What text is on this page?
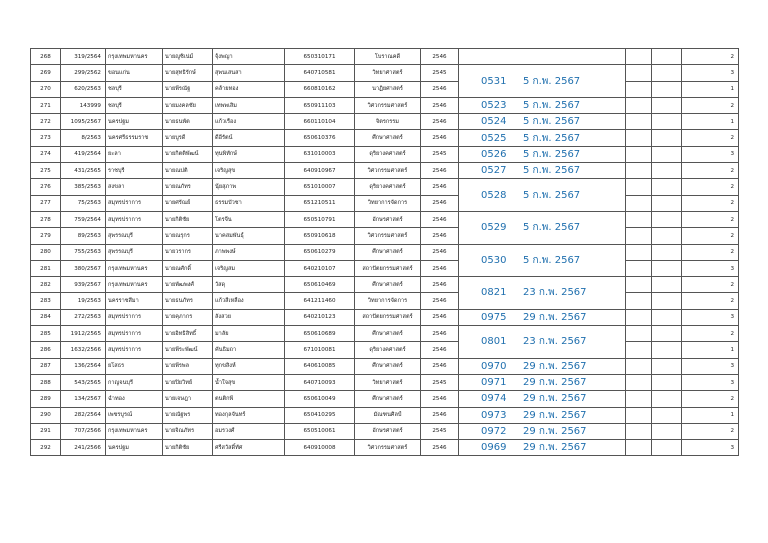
268	319/2564	กรุงเทพมหานคร	นายญูซิเน่ม์	จุ้งพญา	650310171	โบราณคดี	2546				2
269	299/2562	ขอนแก่น	นายสุทธิรักษ์	สุพนเสนสา	640710581	วิทยาศาสตร์	2545	0531 5 ก.พ. 2567			3
270	620/2563	ชลบุรี	นายพีรณัฐ	คล้ายทอง	660810162	นาฏิยศาสตร์	2546				1
271	143999	ชลบุรี	นายมงคลชัย	เทพพเสิม	650911103	วิศวกรรมศาสตร์	2546	0523 5 ก.พ. 2567			2
272	1095/2567	นครปฐม	นายธนพัต	แก้วเรือง	660110104	จิตรกรรม	2546	0524 5 ก.พ. 2567			1
273	8/2563	นครศรีธรรมราช	นายบูรดี	ดีอีรัตน์	650610376	ศึกษาศาสตร์	2546	0525 5 ก.พ. 2567			2
274	419/2564	ยะลา	นายกิตติพัฒน์	ทุนพิทักษ์	631010003	ดุริยางคศาสตร์	2545	0526 5 ก.พ. 2567			3
275	431/2565	ราชบุรี	นายณปติ	เจริญสุข	640910967	วิศวกรรมศาสตร์	2546	0527 5 ก.พ. 2567			2
276	385/2563	สงขลา	นายณภัทร	นุ้ยสุภาพ	651010007	ดุริยางคศาสตร์	2546	0528 5 ก.พ. 2567			2
277	75/2563	สมุทรปราการ	นายศรัณย์	ธรรมบัวชา	651210511	วิทยาการจัดการ	2546				2
278	759/2564	สมุทรปราการ	นายกิติชัย	โตรจีน	650510791	อักษรศาสตร์	2546	0529 5 ก.พ. 2567			2
279	89/2563	สุพรรณบุรี	นายณรุกร	นาคสมพันธุ์	650910618	วิศวกรรมศาสตร์	2546				2
280	755/2563	สุพรรณบุรี	นายวรากร	ภาพพงษ์	650610279	ศึกษาศาสตร์	2546	0530 5 ก.พ. 2567			2
281	380/2567	กรุงเทพมหานคร	นายณศักดิ์	เจริญสม	640210107	สถาปัตยกรรมศาสตร์	2546				3
282	939/2567	กรุงเทพมหานคร	นายพัฒพงศ์	วัสดุ	650610469	ศึกษาศาสตร์	2546	0821 23 ก.พ. 2567			2
283	19/2563	นครราชสีมา	นายธนภัทร	แก้วสีเหลือง	641211460	วิทยาการจัดการ	2546				2
284	272/2563	สมุทรปราการ	นายคุภากร	ลังสวย	640210123	สถาปัตยกรรมศาสตร์	2546	0975 29 ก.พ. 2567			3
285	1912/2565	สมุทรปราการ	นายอิทธิสิทธิ์	มาลัย	650610689	ศึกษาศาสตร์	2546	0801 23 ก.พ. 2567			2
286	1632/2566	สมุทรปราการ	นายพีระพัฒน์	คันธิมถา	671010081	ดุริยางคศาสตร์	2546				1
287	136/2564	ยโสธร	นายพีรพล	ทุกขสิงห์	640610085	ศึกษาศาสตร์	2546	0970 29 ก.พ. 2567			3
288	543/2565	กาญจนบุรี	นายปิยวิทย์	น้ำใจสุข	640710093	วิทยาศาสตร์	2545	0971 29 ก.พ. 2567			3
289	134/2567	ฉำทอง	นายเจษฎา	ตนติกพี	650610049	ศึกษาศาสตร์	2546	0974 29 ก.พ. 2567			2
290	282/2564	เพชรบูรณ์	นายณัฐพร	ทองกุลจันทร์	650410295	มัณฑนศิลป์	2546	0973 29 ก.พ. 2567			1
291	707/2566	กรุงเทพมหานคร	นายจิณภัทร	อมรวงศ์	650510061	อักษรศาสตร์	2545	0972 29 ก.พ. 2567			2
292	241/2566	นครปฐม	นายกิติชัย	ศรีสวัสดิ์ทัศ	640910008	วิศวกรรมศาสตร์	2546	0969 29 ก.พ. 2567			3
